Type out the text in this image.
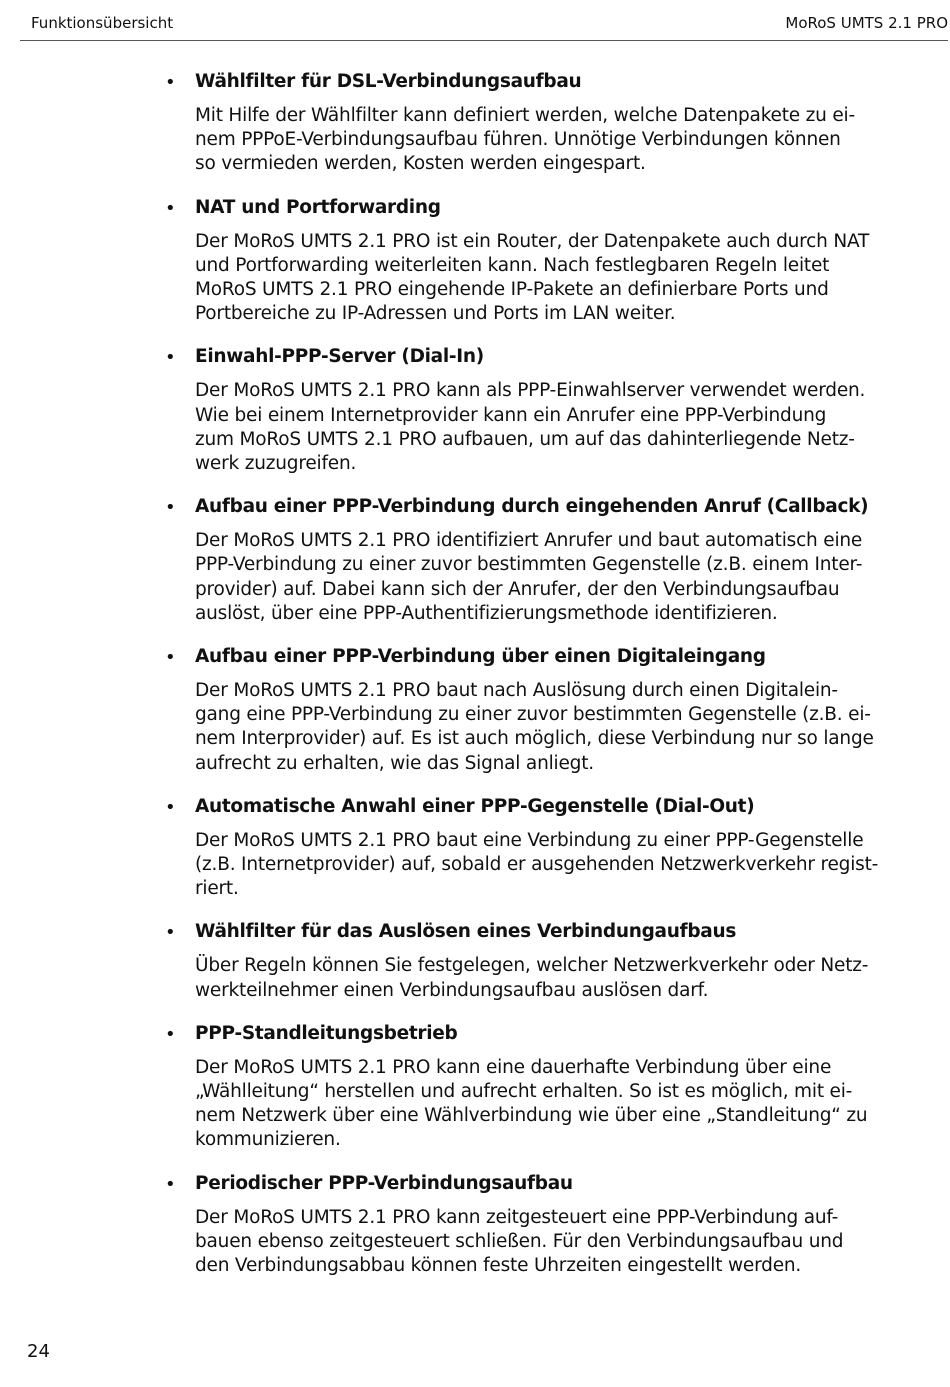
Funktionsübersicht	MoRoS UMTS 2.1 PRO
• Wählfilter für DSL-Verbindungsaufbau
Mit Hilfe der Wählfilter kann definiert werden, welche Datenpakete zu ei-
nem PPPoE-Verbindungsaufbau führen. Unnötige Verbindungen können
so vermieden werden, Kosten werden eingespart.
• NAT und Portforwarding
Der MoRoS UMTS 2.1 PRO ist ein Router, der Datenpakete auch durch NAT
und Portforwarding weiterleiten kann. Nach festlegbaren Regeln leitet
MoRoS UMTS 2.1 PRO eingehende IP-Pakete an definierbare Ports und
Portbereiche zu IP-Adressen und Ports im LAN weiter.
• Einwahl-PPP-Server (Dial-In)
Der MoRoS UMTS 2.1 PRO kann als PPP-Einwahlserver verwendet werden.
Wie bei einem Internetprovider kann ein Anrufer eine PPP-Verbindung
zum MoRoS UMTS 2.1 PRO aufbauen, um auf das dahinterliegende Netz-
werk zuzugreifen.
• Aufbau einer PPP-Verbindung durch eingehenden Anruf (Callback)
Der MoRoS UMTS 2.1 PRO identifiziert Anrufer und baut automatisch eine
PPP-Verbindung zu einer zuvor bestimmten Gegenstelle (z.B. einem Inter-
provider) auf. Dabei kann sich der Anrufer, der den Verbindungsaufbau
auslöst, über eine PPP-Authentifizierungsmethode identifizieren.
• Aufbau einer PPP-Verbindung über einen Digitaleingang
Der MoRoS UMTS 2.1 PRO baut nach Auslösung durch einen Digitalein-
gang eine PPP-Verbindung zu einer zuvor bestimmten Gegenstelle (z.B. ei-
nem Interprovider) auf. Es ist auch möglich, diese Verbindung nur so lange
aufrecht zu erhalten, wie das Signal anliegt.
• Automatische Anwahl einer PPP-Gegenstelle (Dial-Out)
Der MoRoS UMTS 2.1 PRO baut eine Verbindung zu einer PPP-Gegenstelle
(z.B. Internetprovider) auf, sobald er ausgehenden Netzwerkverkehr regist-
riert.
• Wählfilter für das Auslösen eines Verbindungaufbaus
Über Regeln können Sie festgelegen, welcher Netzwerkverkehr oder Netz-
werkteilnehmer einen Verbindungsaufbau auslösen darf.
• PPP-Standleitungsbetrieb
Der MoRoS UMTS 2.1 PRO kann eine dauerhafte Verbindung über eine
„Wählleitung“ herstellen und aufrecht erhalten. So ist es möglich, mit ei-
nem Netzwerk über eine Wählverbindung wie über eine „Standleitung“ zu
kommunizieren.
• Periodischer PPP-Verbindungsaufbau
Der MoRoS UMTS 2.1 PRO kann zeitgesteuert eine PPP-Verbindung auf-
bauen ebenso zeitgesteuert schließen. Für den Verbindungsaufbau und
den Verbindungsabbau können feste Uhrzeiten eingestellt werden.
24
